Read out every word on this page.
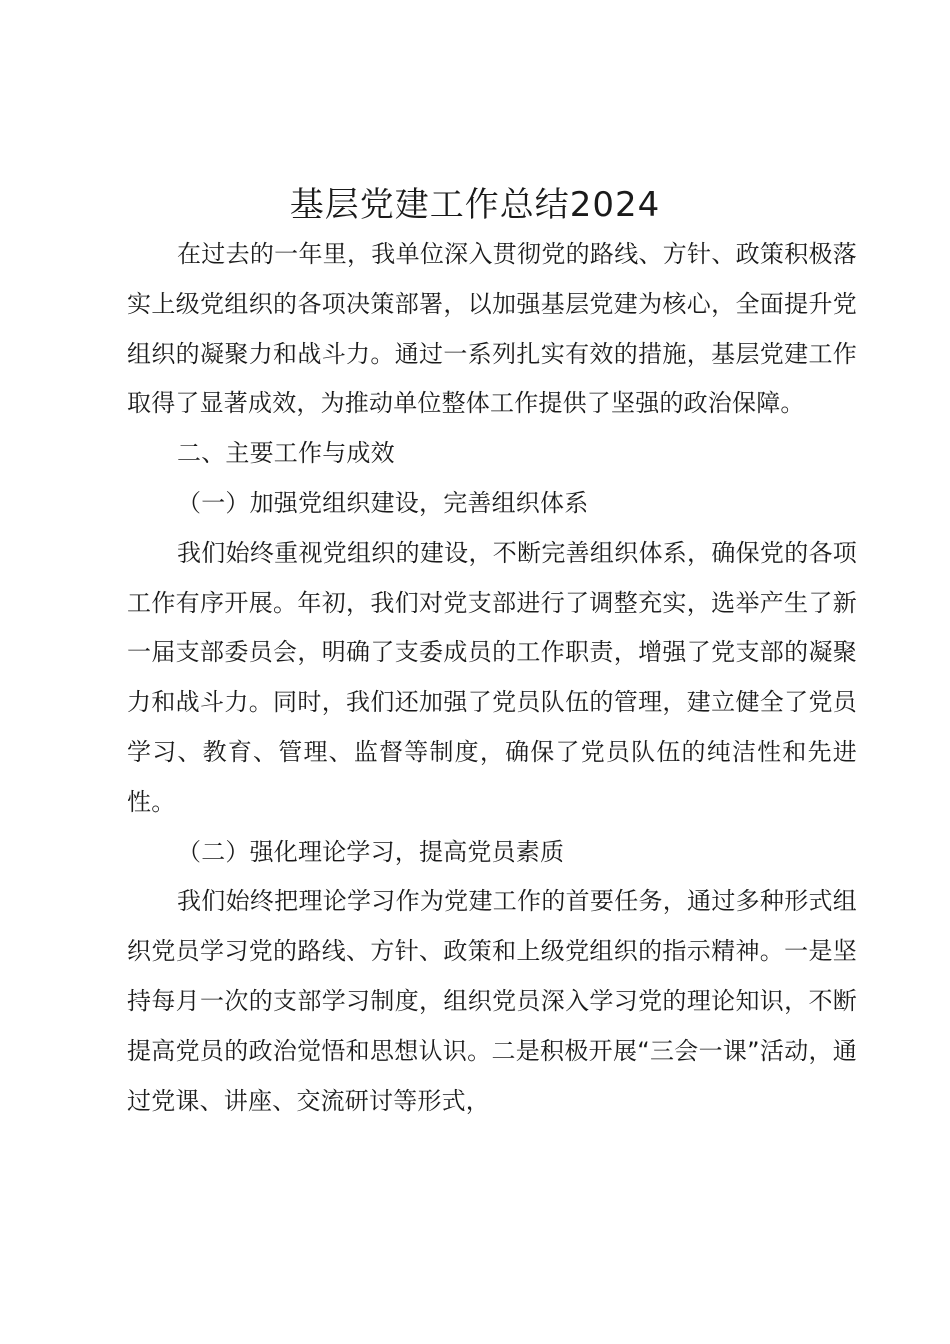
基层党建工作总结2024

在过去的一年里，我单位深入贯彻党的路线、方针、政策积极落实上级党组织的各项决策部署，以加强基层党建为核心，全面提升党组织的凝聚力和战斗力。通过一系列扎实有效的措施，基层党建工作取得了显著成效，为推动单位整体工作提供了坚强的政治保障。

二、主要工作与成效

（一）加强党组织建设，完善组织体系

我们始终重视党组织的建设，不断完善组织体系，确保党的各项工作有序开展。年初，我们对党支部进行了调整充实，选举产生了新一届支部委员会，明确了支委成员的工作职责，增强了党支部的凝聚力和战斗力。同时，我们还加强了党员队伍的管理，建立健全了党员学习、教育、管理、监督等制度，确保了党员队伍的纯洁性和先进性。

（二）强化理论学习，提高党员素质

我们始终把理论学习作为党建工作的首要任务，通过多种形式组织党员学习党的路线、方针、政策和上级党组织的指示精神。一是坚持每月一次的支部学习制度，组织党员深入学习党的理论知识，不断提高党员的政治觉悟和思想认识。二是积极开展“三会一课”活动，通过党课、讲座、交流研讨等形式，
